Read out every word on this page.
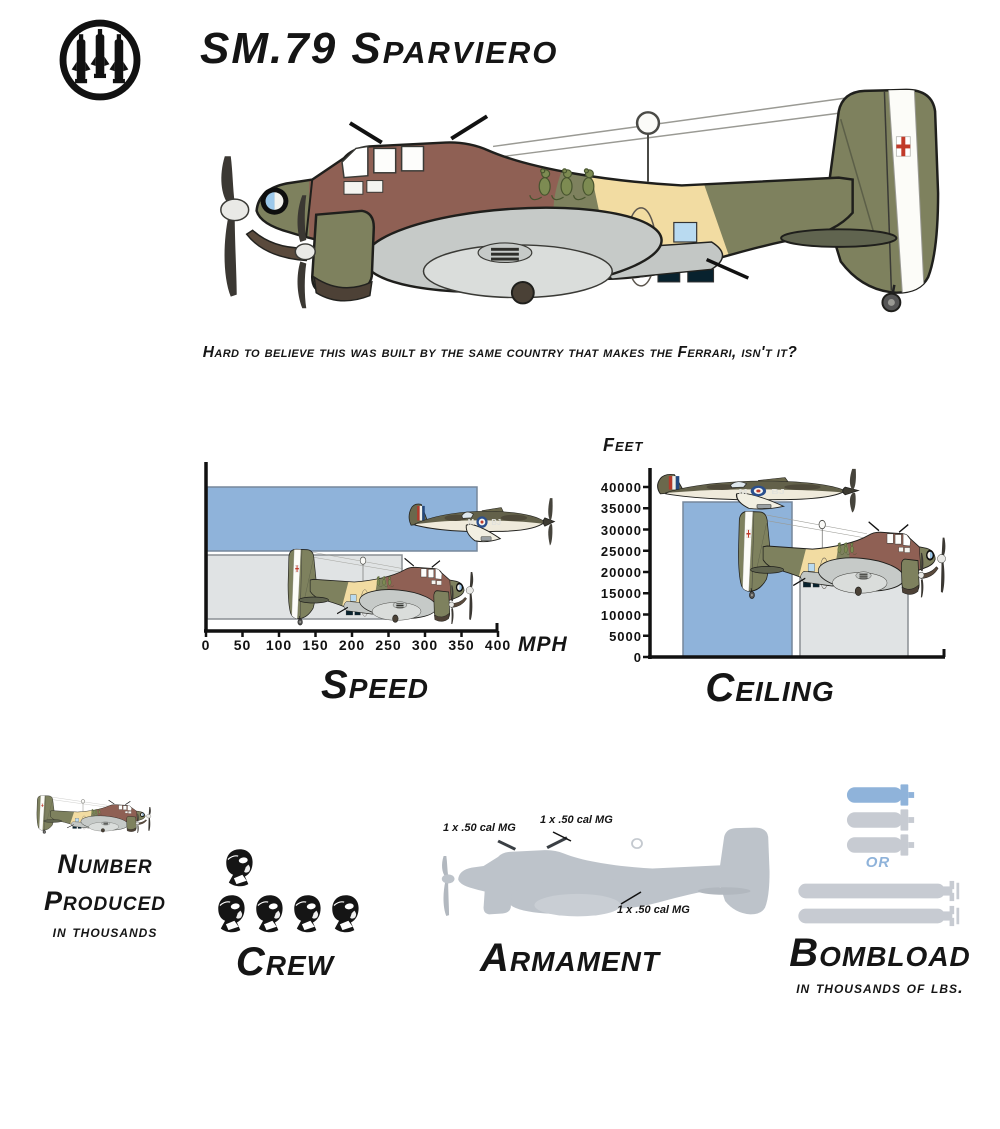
SM.79 Sparviero
Hard to believe this was built by the same country that makes the Ferrari, isn't it?
MPH
Speed
0	50	100 150 200 250 300 350 400
Feet
Ceiling
0
5000
10000
15000
20000
25000
30000
35000
40000
Number
Produced
in thousands
Crew
1 x .50 cal MG
1 x .50 cal MG
1 x .50 cal MG
Armament
OR
Bombload
in thousands of lbs.
